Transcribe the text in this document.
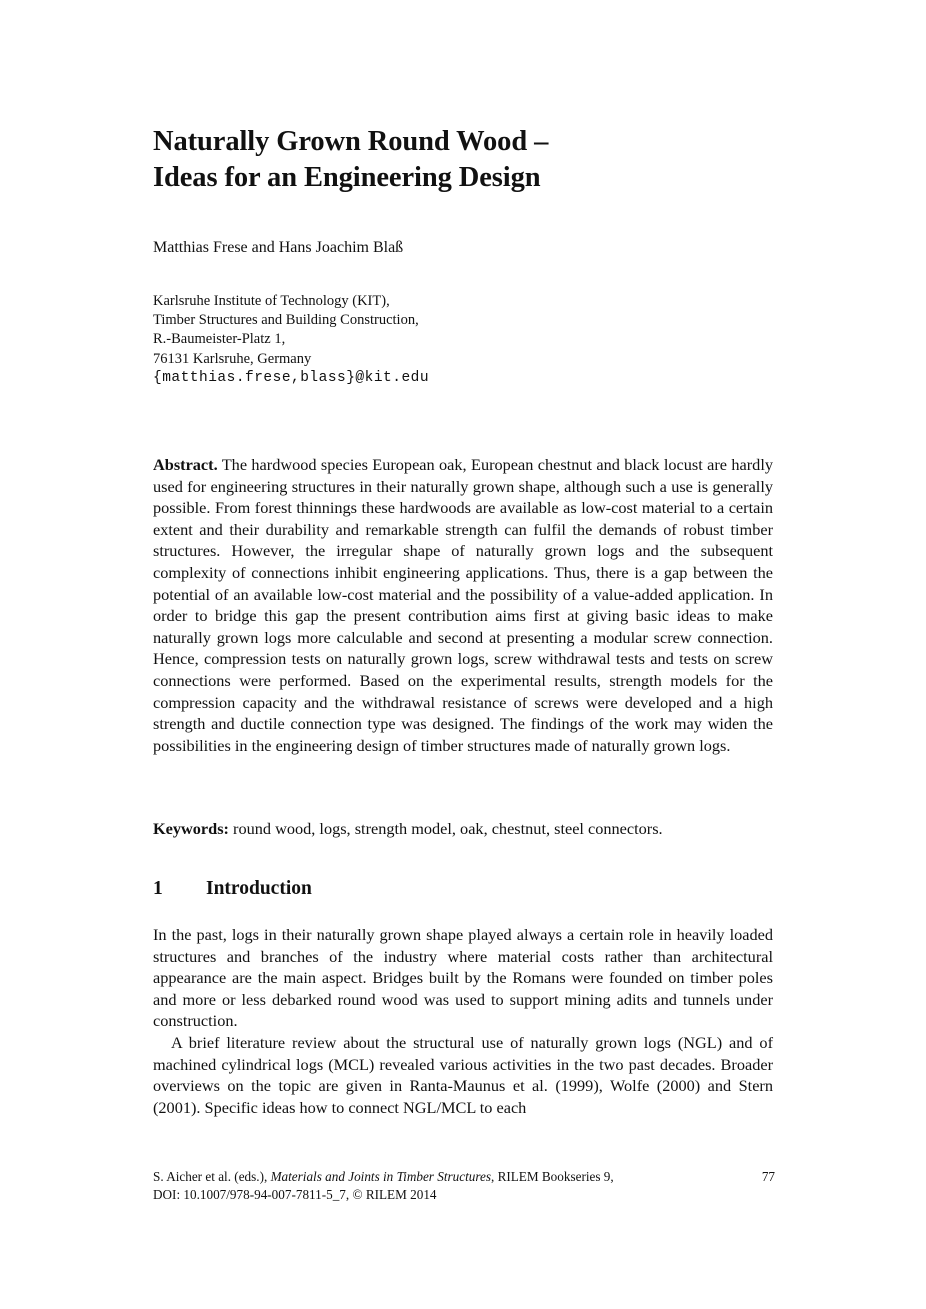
Naturally Grown Round Wood –
Ideas for an Engineering Design
Matthias Frese and Hans Joachim Blaß
Karlsruhe Institute of Technology (KIT),
Timber Structures and Building Construction,
R.-Baumeister-Platz 1,
76131 Karlsruhe, Germany
{matthias.frese,blass}@kit.edu

Abstract. The hardwood species European oak, European chestnut and black locust are hardly used for engineering structures in their naturally grown shape, although such a use is generally possible. From forest thinnings these hardwoods are available as low-cost material to a certain extent and their durability and remarkable strength can fulfil the demands of robust timber structures. However, the irregular shape of naturally grown logs and the subsequent complexity of connections inhibit engineering applications. Thus, there is a gap between the potential of an available low-cost material and the possibility of a value-added application. In order to bridge this gap the present contribution aims first at giving basic ideas to make naturally grown logs more calculable and second at presenting a modular screw connection. Hence, compression tests on naturally grown logs, screw withdrawal tests and tests on screw connections were performed. Based on the experimental results, strength models for the compression capacity and the withdrawal resistance of screws were developed and a high strength and ductile connection type was designed. The findings of the work may widen the possibilities in the engineering design of timber structures made of naturally grown logs.

Keywords: round wood, logs, strength model, oak, chestnut, steel connectors.

1 Introduction

In the past, logs in their naturally grown shape played always a certain role in heavily loaded structures and branches of the industry where material costs rather than architectural appearance are the main aspect. Bridges built by the Romans were founded on timber poles and more or less debarked round wood was used to support mining adits and tunnels under construction.

A brief literature review about the structural use of naturally grown logs (NGL) and of machined cylindrical logs (MCL) revealed various activities in the two past decades. Broader overviews on the topic are given in Ranta-Maunus et al. (1999), Wolfe (2000) and Stern (2001). Specific ideas how to connect NGL/MCL to each

S. Aicher et al. (eds.), Materials and Joints in Timber Structures, RILEM Bookseries 9,
DOI: 10.1007/978-94-007-7811-5_7, © RILEM 2014
77
